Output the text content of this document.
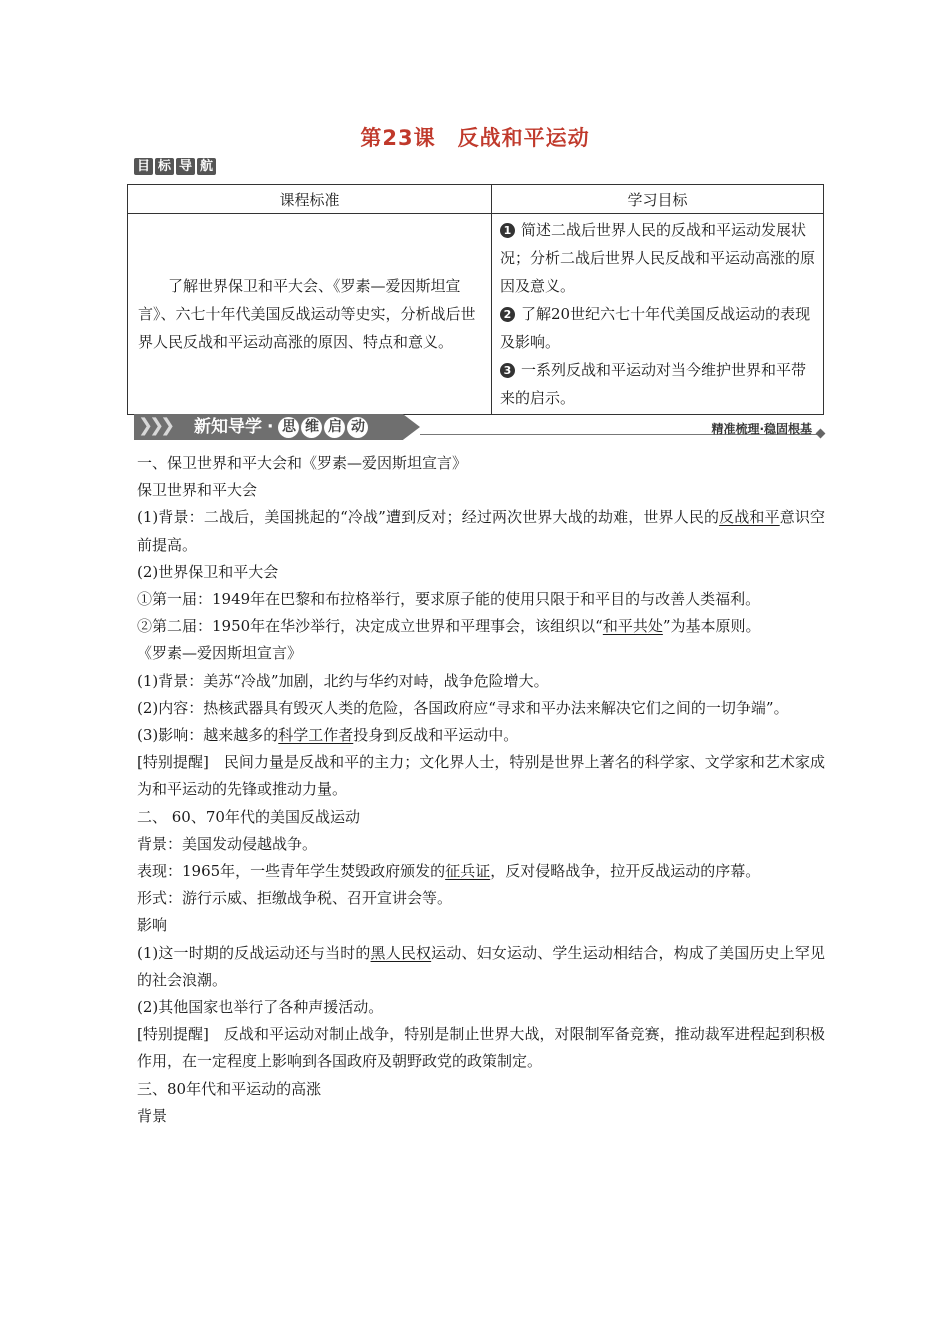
第23课　反战和平运动
目 标 导 航
课程标准	学习目标

了解世界保卫和平大会、《罗素—爱因斯坦宣言》、六七十年代美国反战运动等史实，分析战后世界人民反战和平运动高涨的原因、特点和意义。	1 简述二战后世界人民的反战和平运动发展状况；分析二战后世界人民反战和平运动高涨的原因及意义。

2 了解20世纪六七十年代美国反战运动的表现及影响。

3 一系列反战和平运动对当今维护世界和平带来的启示。

❯❯❯ 新知导学 · 思 维 启 动	精准梳理·稳固根基

一、保卫世界和平大会和《罗素—爱因斯坦宣言》

保卫世界和平大会

(1)背景：二战后，美国挑起的“冷战”遭到反对；经过两次世界大战的劫难，世界人民的反战和平意识空前提高。

(2)世界保卫和平大会

①第一届：1949年在巴黎和布拉格举行，要求原子能的使用只限于和平目的与改善人类福利。

②第二届：1950年在华沙举行，决定成立世界和平理事会，该组织以“和平共处”为基本原则。

《罗素—爱因斯坦宣言》

(1)背景：美苏“冷战”加剧，北约与华约对峙，战争危险增大。

(2)内容：热核武器具有毁灭人类的危险，各国政府应“寻求和平办法来解决它们之间的一切争端”。

(3)影响：越来越多的科学工作者投身到反战和平运动中。

[特别提醒]　民间力量是反战和平的主力；文化界人士，特别是世界上著名的科学家、文学家和艺术家成为和平运动的先锋或推动力量。

二、 60、70年代的美国反战运动

背景：美国发动侵越战争。

表现：1965年，一些青年学生焚毁政府颁发的征兵证，反对侵略战争，拉开反战运动的序幕。

形式：游行示威、拒缴战争税、召开宣讲会等。

影响

(1)这一时期的反战运动还与当时的黑人民权运动、妇女运动、学生运动相结合，构成了美国历史上罕见的社会浪潮。

(2)其他国家也举行了各种声援活动。

[特别提醒]　反战和平运动对制止战争，特别是制止世界大战，对限制军备竞赛，推动裁军进程起到积极作用，在一定程度上影响到各国政府及朝野政党的政策制定。

三、80年代和平运动的高涨

背景
